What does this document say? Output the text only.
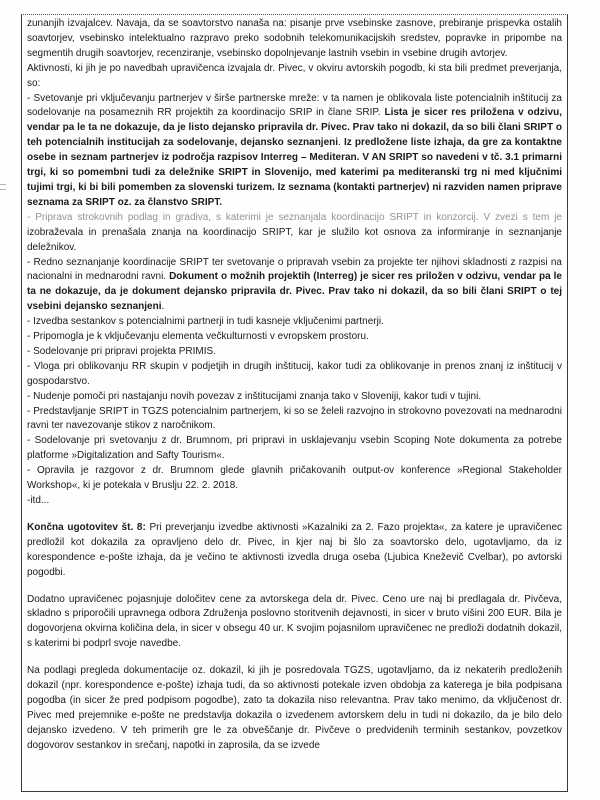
zunanjih izvajalcev. Navaja, da se soavtorstvo nanaša na: pisanje prve vsebinske zasnove, prebiranje prispevka ostalih soavtorjev, vsebinsko intelektualno razpravo preko sodobnih telekomunikacijskih sredstev, popravke in pripombe na segmentih drugih soavtorjev, recenziranje, vsebinsko dopolnjevanje lastnih vsebin in vsebine drugih avtorjev.

Aktivnosti, ki jih je po navedbah upravičenca izvajala dr. Pivec, v okviru avtorskih pogodb, ki sta bili predmet preverjanja, so:

- Svetovanje pri vključevanju partnerjev v širše partnerske mreže: v ta namen je oblikovala liste potencialnih inštitucij za sodelovanje na posameznih RR projektih za koordinacijo SRIP in člane SRIP. Lista je sicer res priložena v odzivu, vendar pa le ta ne dokazuje, da je listo dejansko pripravila dr. Pivec. Prav tako ni dokazil, da so bili člani SRIPT o teh potencialnih institucijah za sodelovanje, dejansko seznanjeni. Iz predložene liste izhaja, da gre za kontaktne osebe in seznam partnerjev iz področja razpisov Interreg – Mediteran. V AN SRIPT so navedeni v tč. 3.1 primarni trgi, ki so pomembni tudi za deležnike SRIPT in Slovenijo, med katerimi pa mediteranski trg ni med ključnimi tujimi trgi, ki bi bili pomemben za slovenski turizem. Iz seznama (kontakti partnerjev) ni razviden namen priprave seznama za SRIPT oz. za članstvo SRIPT.

- Priprava strokovnih podlag in gradiva, s katerimi je seznanjala koordinacijo SRIPT in konzorcij. V zvezi s tem je izobraževala in prenašala znanja na koordinacijo SRIPT, kar je služilo kot osnova za informiranje in seznanjanje deležnikov.

- Redno seznanjanje koordinacije SRIPT ter svetovanje o pripravah vsebin za projekte ter njihovi skladnosti z razpisi na nacionalni in mednarodni ravni. Dokument o možnih projektih (Interreg) je sicer res priložen v odzivu, vendar pa le ta ne dokazuje, da je dokument dejansko pripravila dr. Pivec. Prav tako ni dokazil, da so bili člani SRIPT o tej vsebini dejansko seznanjeni.

- Izvedba sestankov s potencialnimi partnerji in tudi kasneje vključenimi partnerji.

- Pripomogla je k vključevanju elementa večkulturnosti v evropskem prostoru.

- Sodelovanje pri pripravi projekta PRIMIS.

- Vloga pri oblikovanju RR skupin v podjetjih in drugih inštitucij, kakor tudi za oblikovanje in prenos znanj iz inštitucij v gospodarstvo.

- Nudenje pomoči pri nastajanju novih povezav z inštitucijami znanja tako v Sloveniji, kakor tudi v tujini.

- Predstavljanje SRIPT in TGZS potencialnim partnerjem, ki so se želeli razvojno in strokovno povezovati na mednarodni ravni ter navezovanje stikov z naročnikom.

- Sodelovanje pri svetovanju z dr. Brumnom, pri pripravi in usklajevanju vsebin Scoping Note dokumenta za potrebe platforme »Digitalization and Safty Tourism«.

- Opravila je razgovor z dr. Brumnom glede glavnih pričakovanih output-ov konference »Regional Stakeholder Workshop«, ki je potekala v Bruslju 22. 2. 2018.

-itd...

Končna ugotovitev št. 8: Pri preverjanju izvedbe aktivnosti »Kazalniki za 2. Fazo projekta«, za katere je upravičenec predložil kot dokazila za opravljeno delo dr. Pivec, in kjer naj bi šlo za soavtorsko delo, ugotavljamo, da iz korespondence e-pošte izhaja, da je večino te aktivnosti izvedla druga oseba (Ljubica Kneževič Cvelbar), po avtorski pogodbi.

Dodatno upravičenec pojasnjuje določitev cene za avtorskega dela dr. Pivec. Ceno ure naj bi predlagala dr. Pivčeva, skladno s priporočili upravnega odbora Združenja poslovno storitvenih dejavnosti, in sicer v bruto višini 200 EUR. Bila je dogovorjena okvirna količina dela, in sicer v obsegu 40 ur. K svojim pojasnilom upravičenec ne predloži dodatnih dokazil, s katerimi bi podprl svoje navedbe.

Na podlagi pregleda dokumentacije oz. dokazil, ki jih je posredovala TGZS, ugotavljamo, da iz nekaterih predloženih dokazil (npr. korespondence e-pošte) izhaja tudi, da so aktivnosti potekale izven obdobja za katerega je bila podpisana pogodba (in sicer že pred podpisom pogodbe), zato ta dokazila niso relevantna. Prav tako menimo, da vključenost dr. Pivec med prejemnike e-pošte ne predstavlja dokazila o izvedenem avtorskem delu in tudi ni dokazilo, da je bilo delo dejansko izvedeno. V teh primerih gre le za obveščanje dr. Pivčeve o predvidenih terminih sestankov, povzetkov dogovorov sestankov in srečanj, napotki in zaprosila, da se izvede
